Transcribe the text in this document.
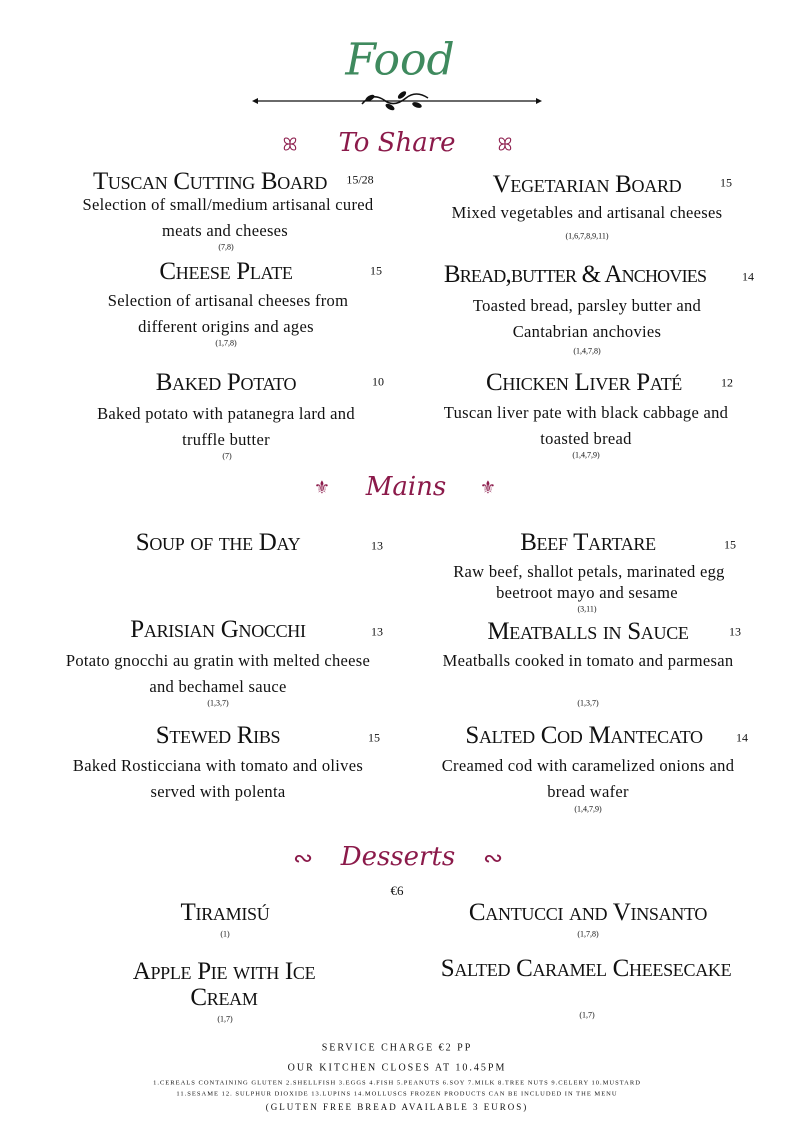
Food
ꕤ To Share ꕤ
Tuscan Cutting Board 15/28
Selection of small/medium artisanal cured
meats and cheeses
(7,8)
Vegetarian Board	15
Mixed vegetables and artisanal cheeses
(1,6,7,8,9,11)
Cheese Plate	15
Selection of artisanal cheeses from
different origins and ages
(1,7,8)
Bread,butter & Anchovies	14
Toasted bread, parsley butter and
Cantabrian anchovies
(1,4,7,8)
Baked Potato	10
Baked potato with patanegra lard and
truffle butter
(7)
Chicken Liver Paté	12
Tuscan liver pate with black cabbage and
toasted bread
(1,4,7,9)
⚜ Mains ⚜
Soup of the Day	13	Beef Tartare	15
Raw beef, shallot petals, marinated egg
beetroot mayo and sesame
(3,11)
Parisian Gnocchi	13
Potato gnocchi au gratin with melted cheese
and bechamel sauce
(1,3,7)
Meatballs in Sauce	13
Meatballs cooked in tomato and parmesan
(1,3,7)
Stewed Ribs	15
Baked Rosticciana with tomato and olives
served with polenta
Salted Cod Mantecato	14
Creamed cod with caramelized onions and
bread wafer
(1,4,7,9)
∾ Desserts ∾
€6
Tiramisú
(1)
Apple Pie with Ice
Cream
(1,7)
Cantucci and Vinsanto
(1,7,8)
Salted Caramel Cheesecake
(1,7)
SERVICE CHARGE €2 PP
OUR KITCHEN CLOSES AT 10.45PM
1.CEREALS CONTAINING GLUTEN 2.SHELLFISH 3.EGGS 4.FISH 5.PEANUTS 6.SOY 7.MILK 8.TREE NUTS 9.CELERY 10.MUSTARD
11.SESAME 12. SULPHUR DIOXIDE 13.LUPINS 14.MOLLUSCS FROZEN PRODUCTS CAN BE INCLUDED IN THE MENU
(GLUTEN FREE BREAD AVAILABLE 3 EUROS)
